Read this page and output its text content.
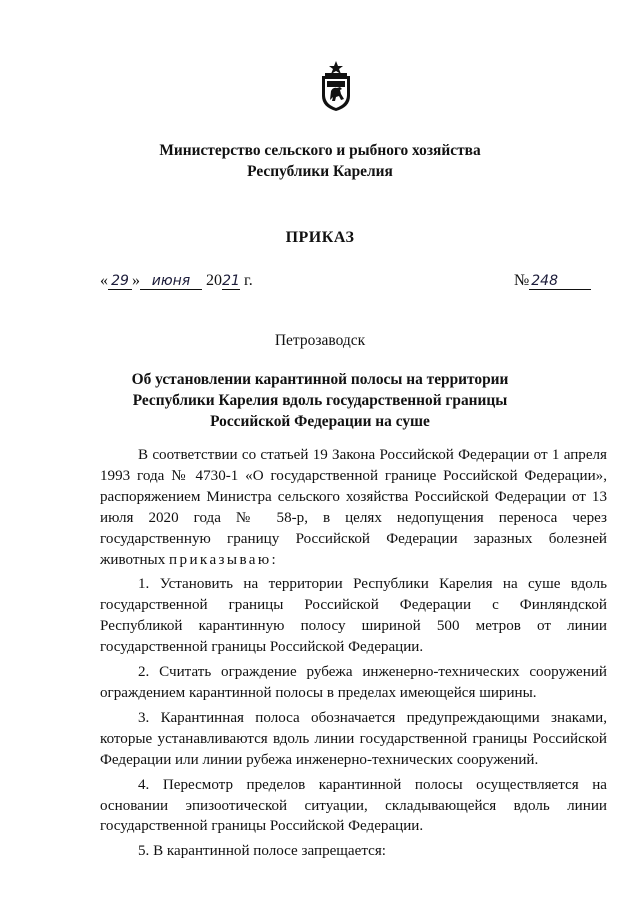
Министерство сельского и рыбного хозяйства
Республики Карелия
ПРИКАЗ
« 29 » июня 2021 г.	№ 248
Петрозаводск
Об установлении карантинной полосы на территории
Республики Карелия вдоль государственной границы
Российской Федерации на суше

В соответствии со статьей 19 Закона Российской Федерации от 1 апреля 1993 года № 4730-1 «О государственной границе Российской Федерации», распоряжением Министра сельского хозяйства Российской Федерации от 13 июля 2020 года № 58-р, в целях недопущения переноса через государственную границу Российской Федерации заразных болезней животных приказываю:

1. Установить на территории Республики Карелия на суше вдоль государственной границы Российской Федерации с Финляндской Республикой карантинную полосу шириной 500 метров от линии государственной границы Российской Федерации.

2. Считать ограждение рубежа инженерно-технических сооружений ограждением карантинной полосы в пределах имеющейся ширины.

3. Карантинная полоса обозначается предупреждающими знаками, которые устанавливаются вдоль линии государственной границы Российской Федерации или линии рубежа инженерно-технических сооружений.

4. Пересмотр пределов карантинной полосы осуществляется на основании эпизоотической ситуации, складывающейся вдоль линии государственной границы Российской Федерации.

5. В карантинной полосе запрещается:
